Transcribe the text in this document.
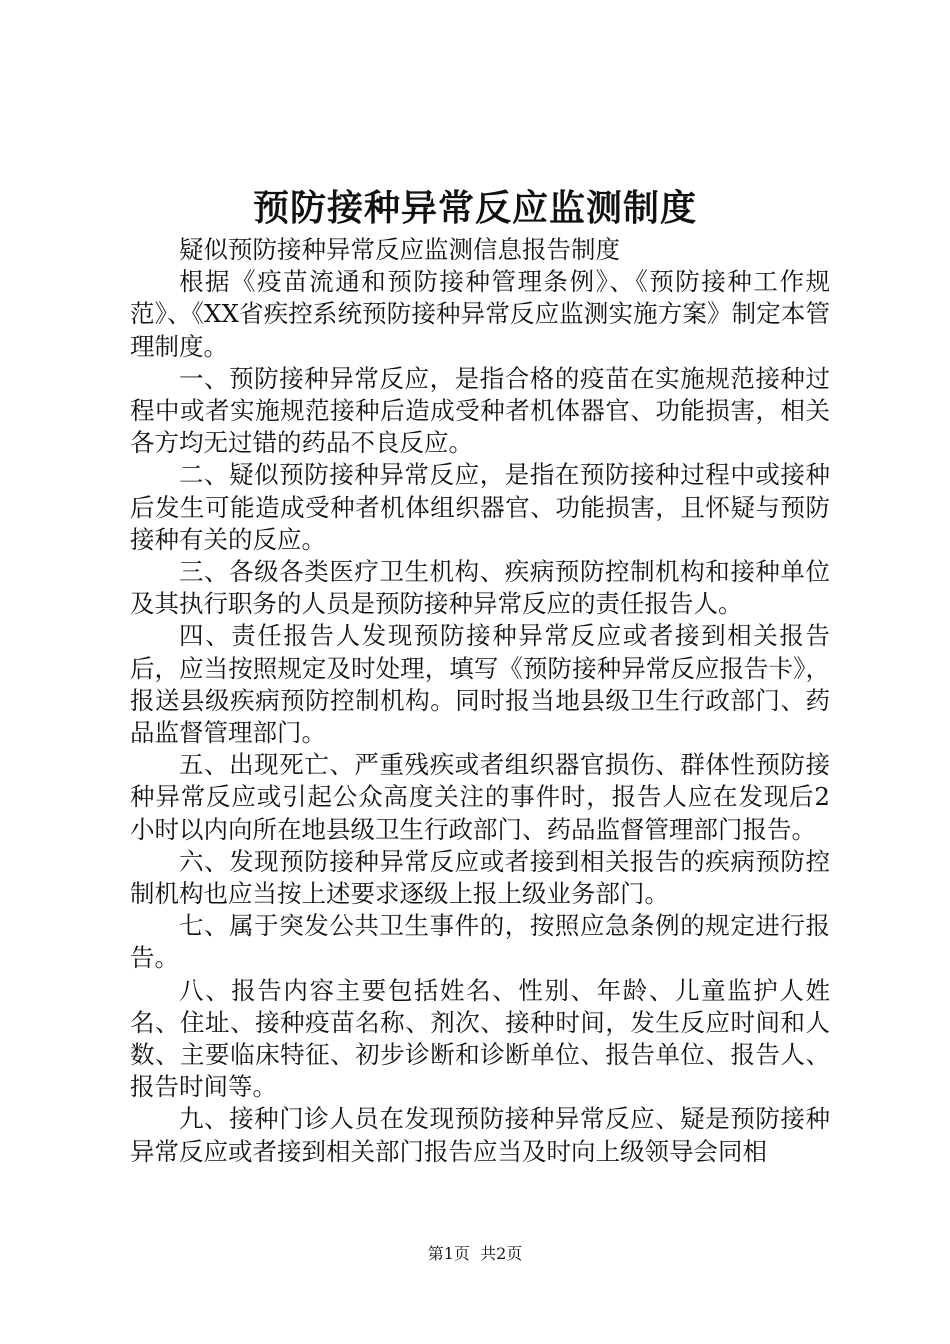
预防接种异常反应监测制度

疑似预防接种异常反应监测信息报告制度

根据《疫苗流通和预防接种管理条例》、《预防接种工作规范》、《XX省疾控系统预防接种异常反应监测实施方案》制定本管理制度。

一、预防接种异常反应，是指合格的疫苗在实施规范接种过程中或者实施规范接种后造成受种者机体器官、功能损害，相关各方均无过错的药品不良反应。

二、疑似预防接种异常反应，是指在预防接种过程中或接种后发生可能造成受种者机体组织器官、功能损害，且怀疑与预防接种有关的反应。

三、各级各类医疗卫生机构、疾病预防控制机构和接种单位及其执行职务的人员是预防接种异常反应的责任报告人。

四、责任报告人发现预防接种异常反应或者接到相关报告后，应当按照规定及时处理，填写《预防接种异常反应报告卡》，报送县级疾病预防控制机构。同时报当地县级卫生行政部门、药品监督管理部门。

五、出现死亡、严重残疾或者组织器官损伤、群体性预防接种异常反应或引起公众高度关注的事件时，报告人应在发现后2小时以内向所在地县级卫生行政部门、药品监督管理部门报告。

六、发现预防接种异常反应或者接到相关报告的疾病预防控制机构也应当按上述要求逐级上报上级业务部门。

七、属于突发公共卫生事件的，按照应急条例的规定进行报告。

八、报告内容主要包括姓名、性别、年龄、儿童监护人姓名、住址、接种疫苗名称、剂次、接种时间，发生反应时间和人数、主要临床特征、初步诊断和诊断单位、报告单位、报告人、报告时间等。

九、接种门诊人员在发现预防接种异常反应、疑是预防接种异常反应或者接到相关部门报告应当及时向上级领导会同相

第1页  共2页
